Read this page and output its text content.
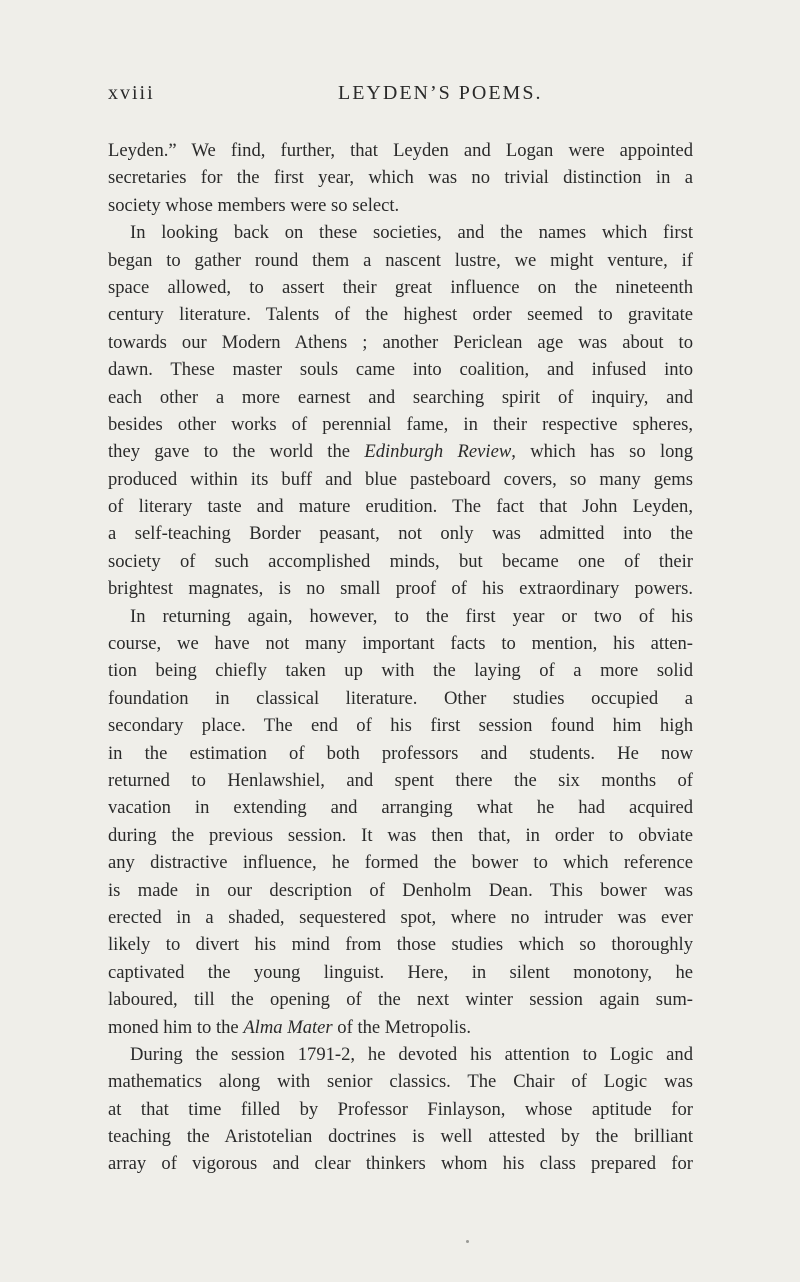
xviii	LEYDEN’S POEMS.
Leyden.” We find, further, that Leyden and Logan were appointed
secretaries for the first year, which was no trivial distinction in a
society whose members were so select.
In looking back on these societies, and the names which first
began to gather round them a nascent lustre, we might venture, if
space allowed, to assert their great influence on the nineteenth
century literature. Talents of the highest order seemed to gravitate
towards our Modern Athens ; another Periclean age was about to
dawn. These master souls came into coalition, and infused into
each other a more earnest and searching spirit of inquiry, and
besides other works of perennial fame, in their respective spheres,
they gave to the world the Edinburgh Review, which has so long
produced within its buff and blue pasteboard covers, so many gems
of literary taste and mature erudition. The fact that John Leyden,
a self-teaching Border peasant, not only was admitted into the
society of such accomplished minds, but became one of their
brightest magnates, is no small proof of his extraordinary powers.
In returning again, however, to the first year or two of his
course, we have not many important facts to mention, his atten-
tion being chiefly taken up with the laying of a more solid
foundation in classical literature. Other studies occupied a
secondary place. The end of his first session found him high
in the estimation of both professors and students. He now
returned to Henlawshiel, and spent there the six months of
vacation in extending and arranging what he had acquired
during the previous session. It was then that, in order to obviate
any distractive influence, he formed the bower to which reference
is made in our description of Denholm Dean. This bower was
erected in a shaded, sequestered spot, where no intruder was ever
likely to divert his mind from those studies which so thoroughly
captivated the young linguist. Here, in silent monotony, he
laboured, till the opening of the next winter session again sum-
moned him to the Alma Mater of the Metropolis.
During the session 1791-2, he devoted his attention to Logic and
mathematics along with senior classics. The Chair of Logic was
at that time filled by Professor Finlayson, whose aptitude for
teaching the Aristotelian doctrines is well attested by the brilliant
array of vigorous and clear thinkers whom his class prepared for
